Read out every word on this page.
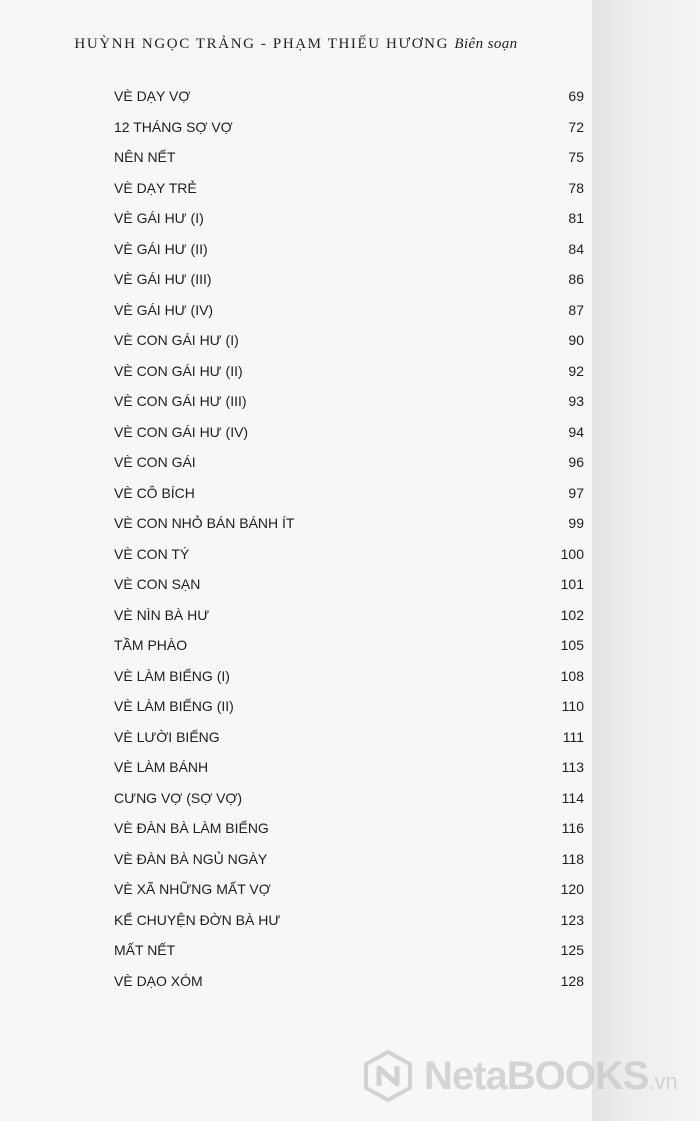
HUỲNH NGỌC TRẢNG - PHẠM THIẾU HƯƠNG Biên soạn
VÈ DẠY VỢ	69
12 THÁNG SỢ VỢ	72
NÊN NẾT	75
VÈ DẠY TRẺ	78
VÈ GÁI HƯ (I)	81
VÈ GÁI HƯ (II)	84
VÈ GÁI HƯ (III)	86
VÈ GÁI HƯ (IV)	87
VÈ CON GÁI HƯ (I)	90
VÈ CON GÁI HƯ (II)	92
VÈ CON GÁI HƯ (III)	93
VÈ CON GÁI HƯ (IV)	94
VÈ CON GÁI	96
VÈ CÔ BÍCH	97
VÈ CON NHỎ BÁN BÁNH ÍT	99
VÈ CON TÝ	100
VÈ CON SẠN	101
VÈ NÌN BÀ HƯ	102
TẦM PHÀO	105
VÈ LÀM BIẾNG (I)	108
VÈ LÀM BIẾNG (II)	110
VÈ LƯỜI BIẾNG	111
VÈ LÀM BÁNH	113
CƯNG VỢ (SỢ VỢ)	114
VÈ ĐÀN BÀ LÀM BIẾNG	116
VÈ ĐÀN BÀ NGỦ NGÀY	118
VÈ XÃ NHỮNG MẤT VỢ	120
KỂ CHUYỆN ĐỜN BÀ HƯ	123
MẤT NẾT	125
VÈ DẠO XÓM	128
NetaBOOKS.vn
